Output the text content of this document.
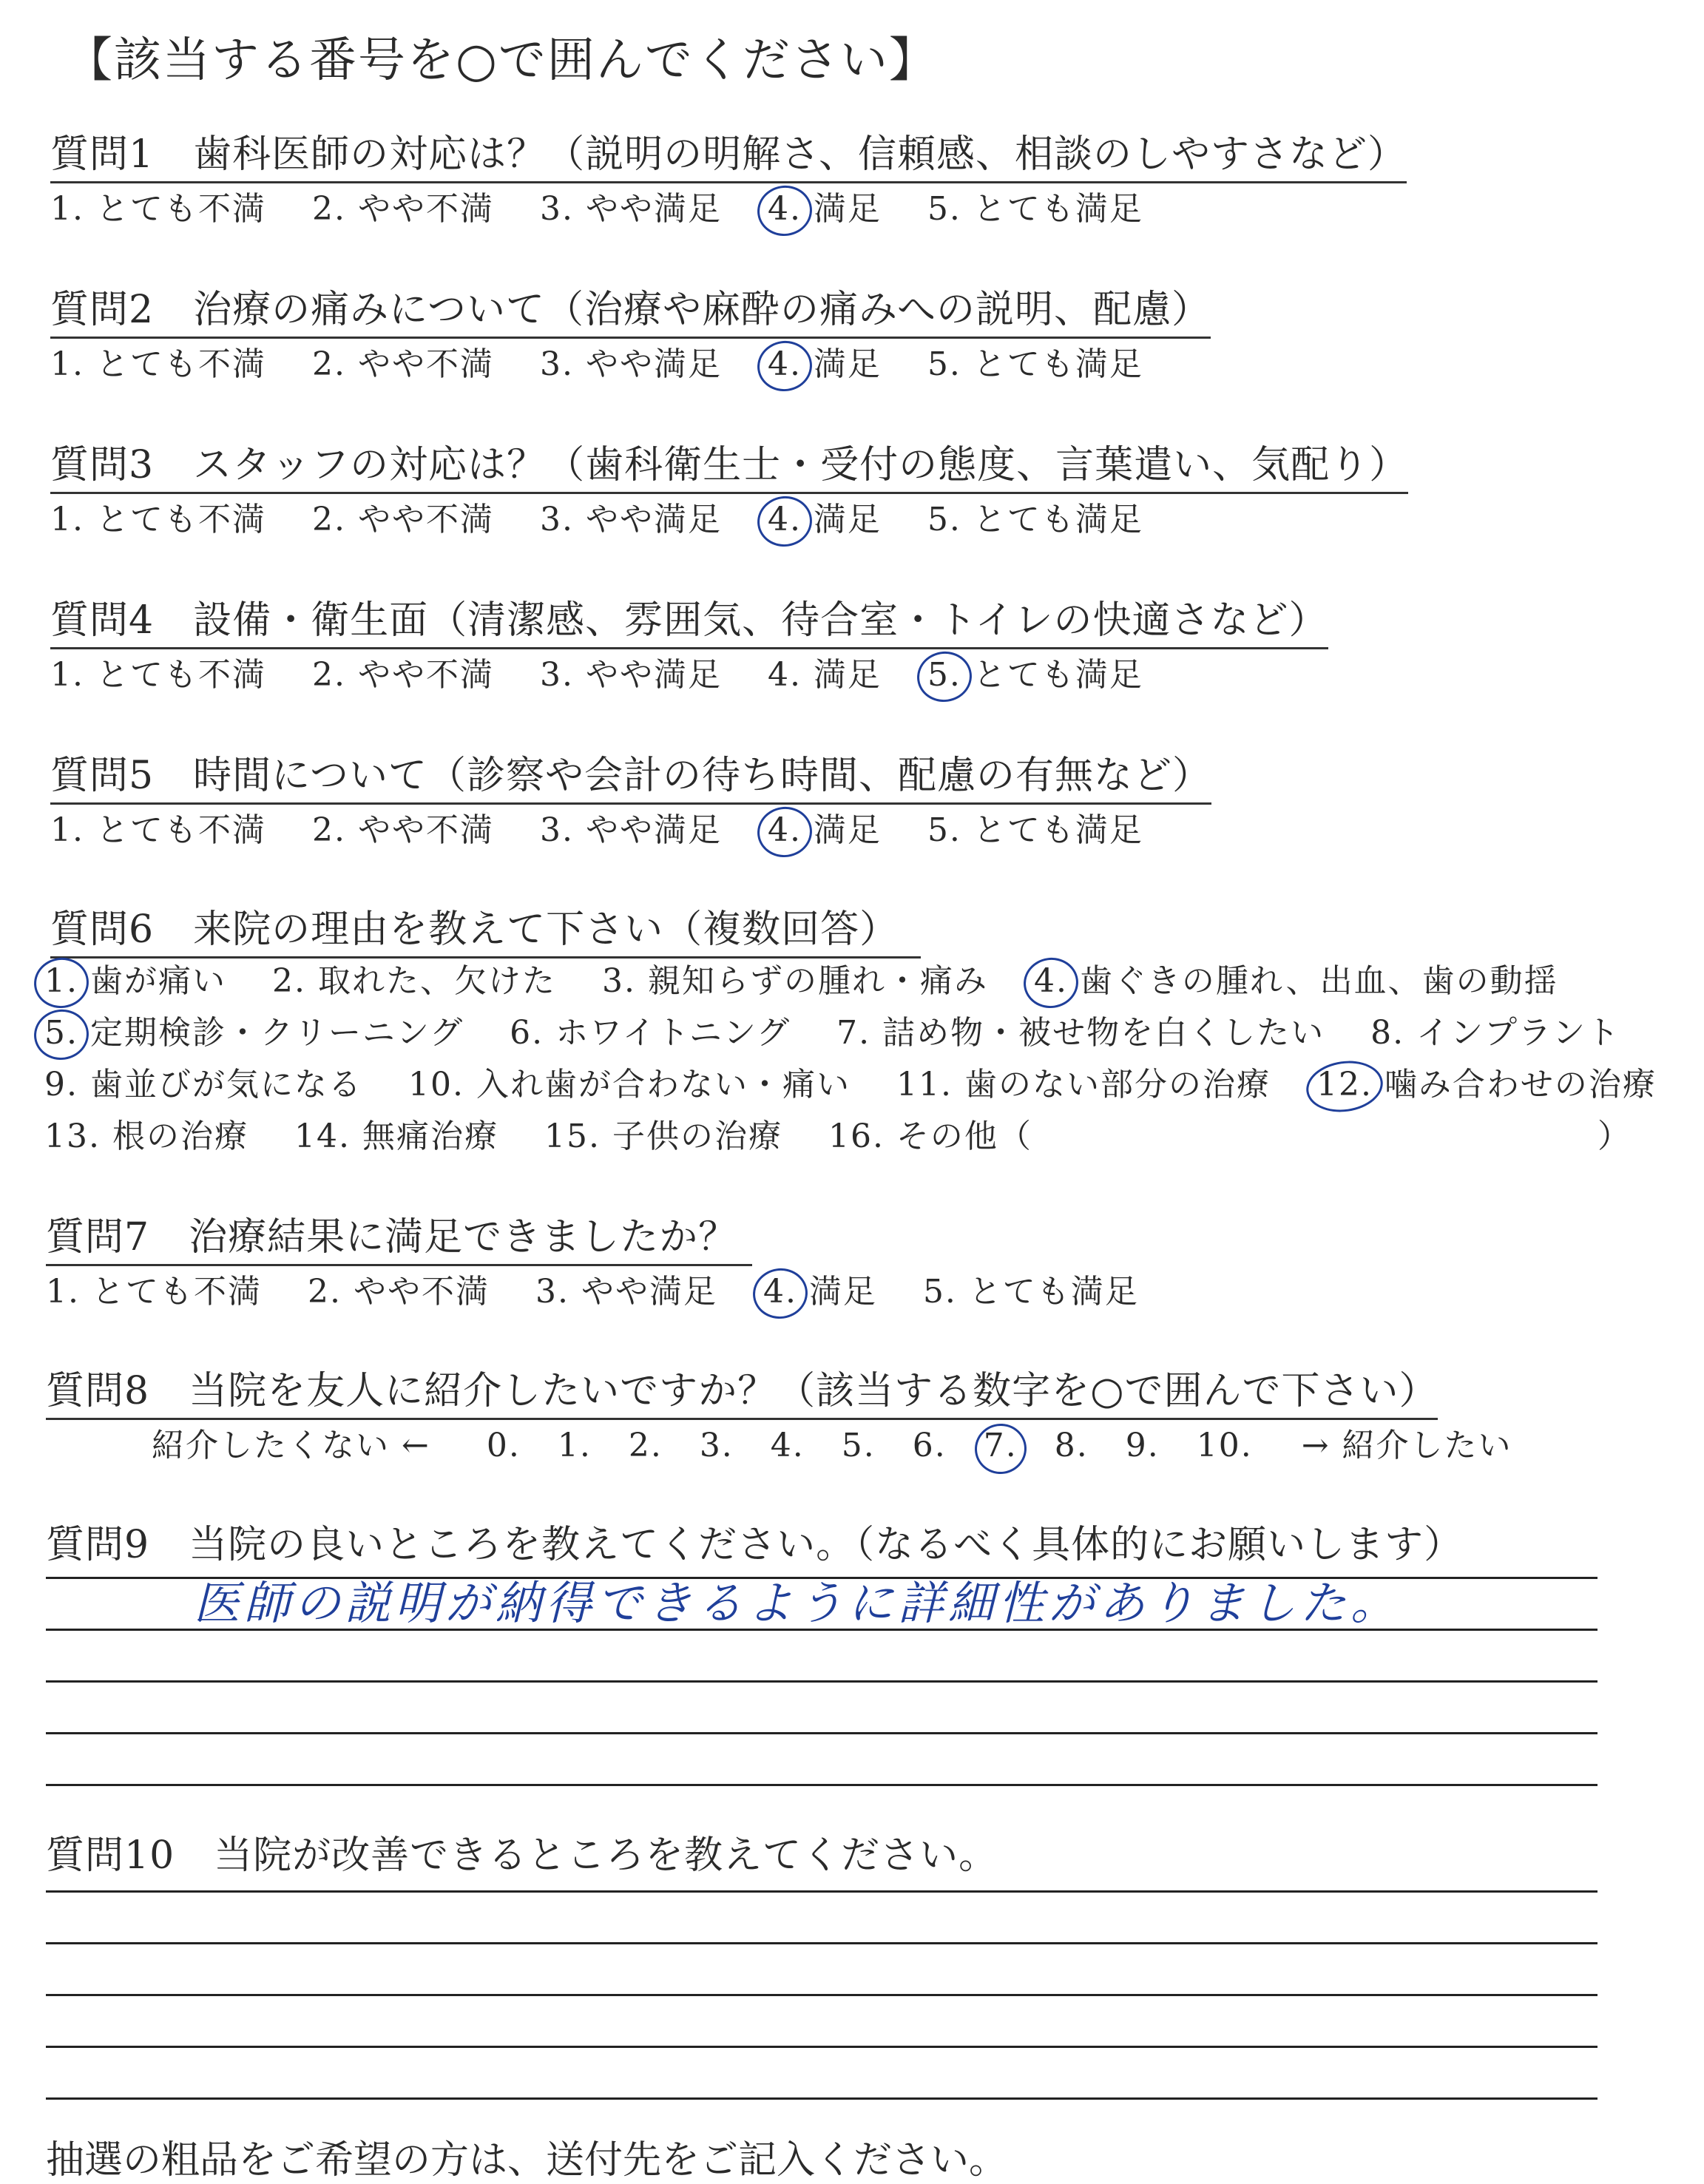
【該当する番号を○で囲んでください】
質問1　歯科医師の対応は？（説明の明解さ、信頼感、相談のしやすさなど）
1. とても不満 2. やや不満 3. やや満足 4. 満足 5. とても満足
質問2　治療の痛みについて（治療や麻酔の痛みへの説明、配慮）
1. とても不満 2. やや不満 3. やや満足 4. 満足 5. とても満足
質問3　スタッフの対応は？（歯科衛生士・受付の態度、言葉遣い、気配り）
1. とても不満 2. やや不満 3. やや満足 4. 満足 5. とても満足
質問4　設備・衛生面（清潔感、雰囲気、待合室・トイレの快適さなど）
1. とても不満 2. やや不満 3. やや満足 4. 満足 5. とても満足
質問5　時間について（診察や会計の待ち時間、配慮の有無など）
1. とても不満 2. やや不満 3. やや満足 4. 満足 5. とても満足
質問6　来院の理由を教えて下さい（複数回答）
1. 歯が痛い 2. 取れた、欠けた 3. 親知らずの腫れ・痛み 4. 歯ぐきの腫れ、出血、歯の動揺
5. 定期検診・クリーニング 6. ホワイトニング 7. 詰め物・被せ物を白くしたい 8. インプラント
9. 歯並びが気になる 10. 入れ歯が合わない・痛い 11. 歯のない部分の治療 12. 噛み合わせの治療
13. 根の治療 14. 無痛治療 15. 子供の治療 16. その他（	）
質問7　治療結果に満足できましたか？
1. とても不満 2. やや不満 3. やや満足 4. 満足 5. とても満足
質問8　当院を友人に紹介したいですか？（該当する数字を○で囲んで下さい）
紹介したくない ← 0. 1. 2. 3. 4. 5. 6. 7. 8. 9. 10. → 紹介したい
質問9　当院の良いところを教えてください。（なるべく具体的にお願いします）
医師の説明が納得できるように詳細性がありました。
質問10　当院が改善できるところを教えてください。
抽選の粗品をご希望の方は、送付先をご記入ください。
